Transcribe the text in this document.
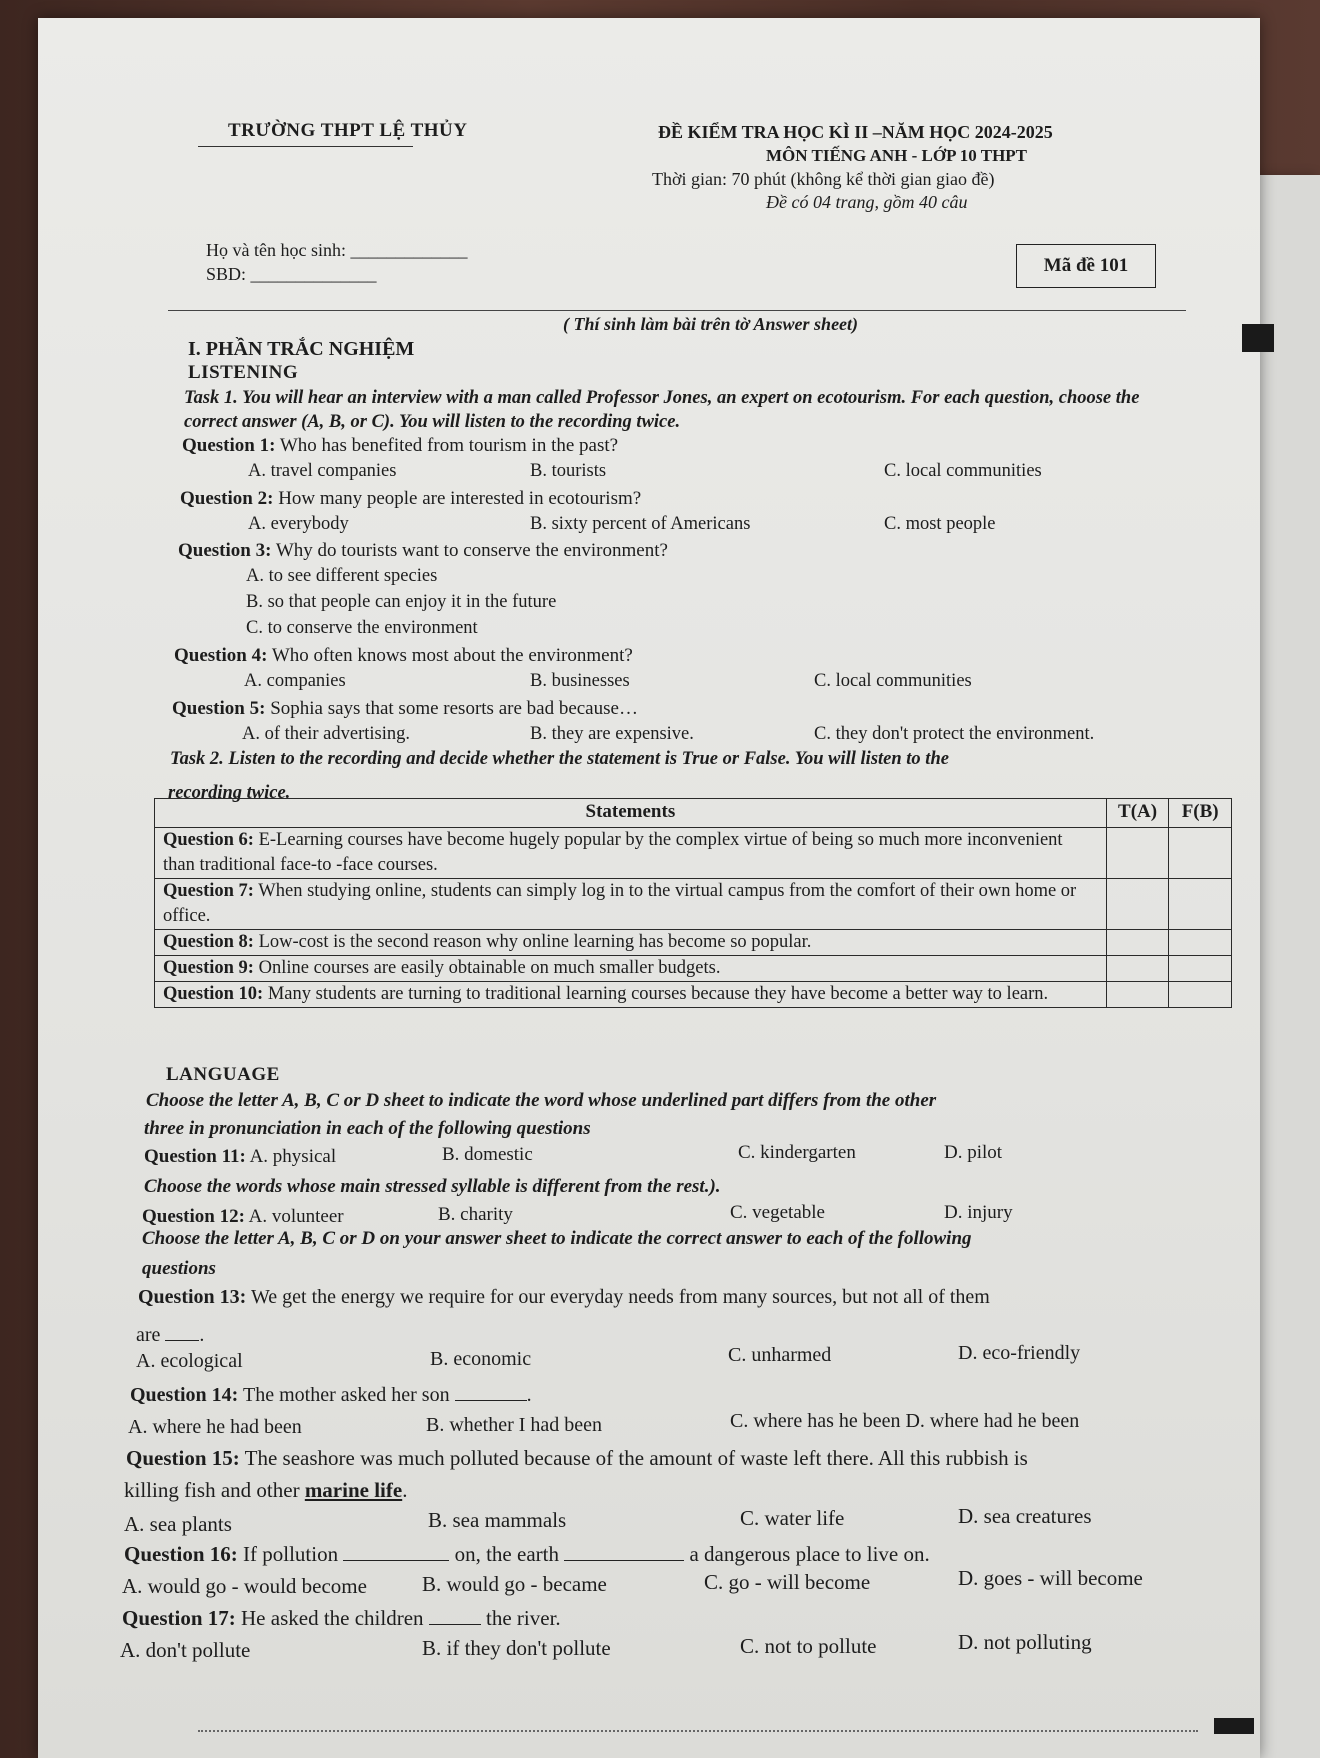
TRƯỜNG THPT LỆ THỦY	ĐỀ KIỂM TRA HỌC KÌ II –NĂM HỌC 2024-2025
MÔN TIẾNG ANH - LỚP 10 THPT
Thời gian: 70 phút (không kể thời gian giao đề)
Đề có 04 trang, gồm 40 câu
Họ và tên học sinh: _____________
SBD: ______________	Mã đề 101
( Thí sinh làm bài trên tờ Answer sheet)
I. PHẦN TRẮC NGHIỆM
LISTENING
Task 1. You will hear an interview with a man called Professor Jones, an expert on ecotourism. For each question, choose the correct answer (A, B, or C). You will listen to the recording twice.
Question 1: Who has benefited from tourism in the past?
A. travel companies	B. tourists	C. local communities
Question 2: How many people are interested in ecotourism?
A. everybody	B. sixty percent of Americans	C. most people
Question 3: Why do tourists want to conserve the environment?
A. to see different species
B. so that people can enjoy it in the future
C. to conserve the environment
Question 4: Who often knows most about the environment?
A. companies	B. businesses	C. local communities
Question 5: Sophia says that some resorts are bad because…
A. of their advertising.	B. they are expensive.	C. they don't protect the environment.
Task 2. Listen to the recording and decide whether the statement is True or False. You will listen to the
recording twice.
Statements	T(A)	F(B)
Question 6: E-Learning courses have become hugely popular by the complex virtue of being so much more inconvenient than traditional face-to -face courses.		
Question 7: When studying online, students can simply log in to the virtual campus from the comfort of their own home or office.		
Question 8: Low-cost is the second reason why online learning has become so popular.		
Question 9: Online courses are easily obtainable on much smaller budgets.		
Question 10: Many students are turning to traditional learning courses because they have become a better way to learn.		
LANGUAGE
Choose the letter A, B, C or D sheet to indicate the word whose underlined part differs from the other
three in pronunciation in each of the following questions
Question 11: A. physical	B. domestic	C. kindergarten	D. pilot
Choose the words whose main stressed syllable is different from the rest.).
Question 12: A. volunteer	B. charity	C. vegetable	D. injury
Choose the letter A, B, C or D on your answer sheet to indicate the correct answer to each of the following
questions
Question 13: We get the energy we require for our everyday needs from many sources, but not all of them
are .
A. ecological	B. economic	C. unharmed	D. eco-friendly
Question 14: The mother asked her son	.
A. where he had been	B. whether I had been	C. where has he been D. where had he been
Question 15: The seashore was much polluted because of the amount of waste left there. All this rubbish is
killing fish and other marine life.
A. sea plants	B. sea mammals	C. water life	D. sea creatures
Question 16: If pollution	on, the earth	a dangerous place to live on.
A. would go - would become	B. would go - became	C. go - will become	D. goes - will become
Question 17: He asked the children	the river.
A. don't pollute	B. if they don't pollute	C. not to pollute	D. not polluting
